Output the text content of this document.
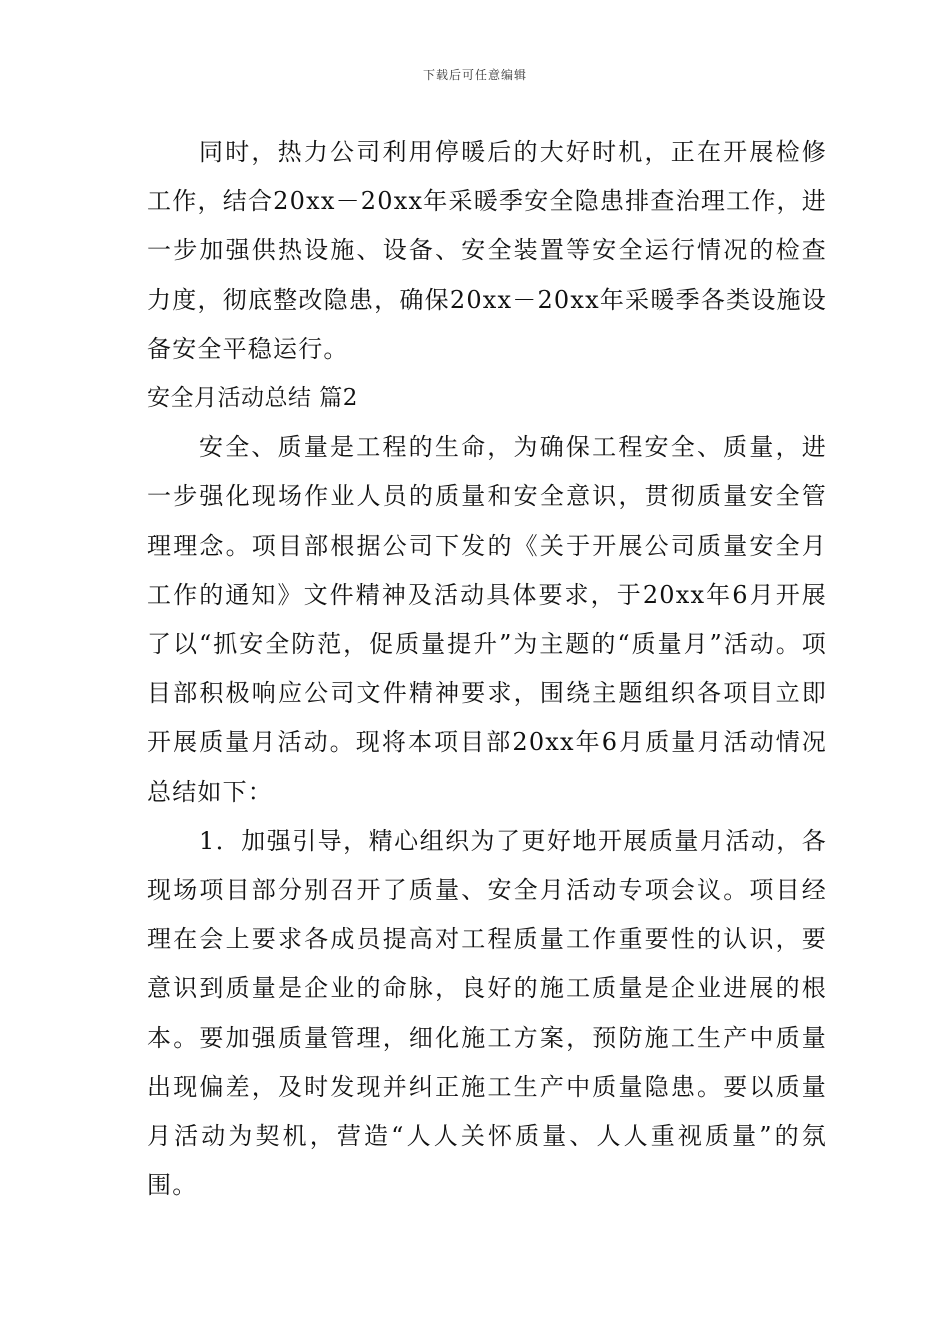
下载后可任意编辑

同时，热力公司利用停暖后的大好时机，正在开展检修工作，结合20xx－20xx年采暖季安全隐患排查治理工作，进一步加强供热设施、设备、安全装置等安全运行情况的检查力度，彻底整改隐患，确保20xx－20xx年采暖季各类设施设备安全平稳运行。

安全月活动总结 篇2

安全、质量是工程的生命，为确保工程安全、质量，进一步强化现场作业人员的质量和安全意识，贯彻质量安全管理理念。项目部根据公司下发的《关于开展公司质量安全月工作的通知》文件精神及活动具体要求，于20xx年6月开展了以“抓安全防范，促质量提升”为主题的“质量月”活动。项目部积极响应公司文件精神要求，围绕主题组织各项目立即开展质量月活动。现将本项目部20xx年6月质量月活动情况总结如下：

1．加强引导，精心组织为了更好地开展质量月活动，各现场项目部分别召开了质量、安全月活动专项会议。项目经理在会上要求各成员提高对工程质量工作重要性的认识，要意识到质量是企业的命脉，良好的施工质量是企业进展的根本。要加强质量管理，细化施工方案，预防施工生产中质量出现偏差，及时发现并纠正施工生产中质量隐患。要以质量月活动为契机，营造“人人关怀质量、人人重视质量”的氛围。
